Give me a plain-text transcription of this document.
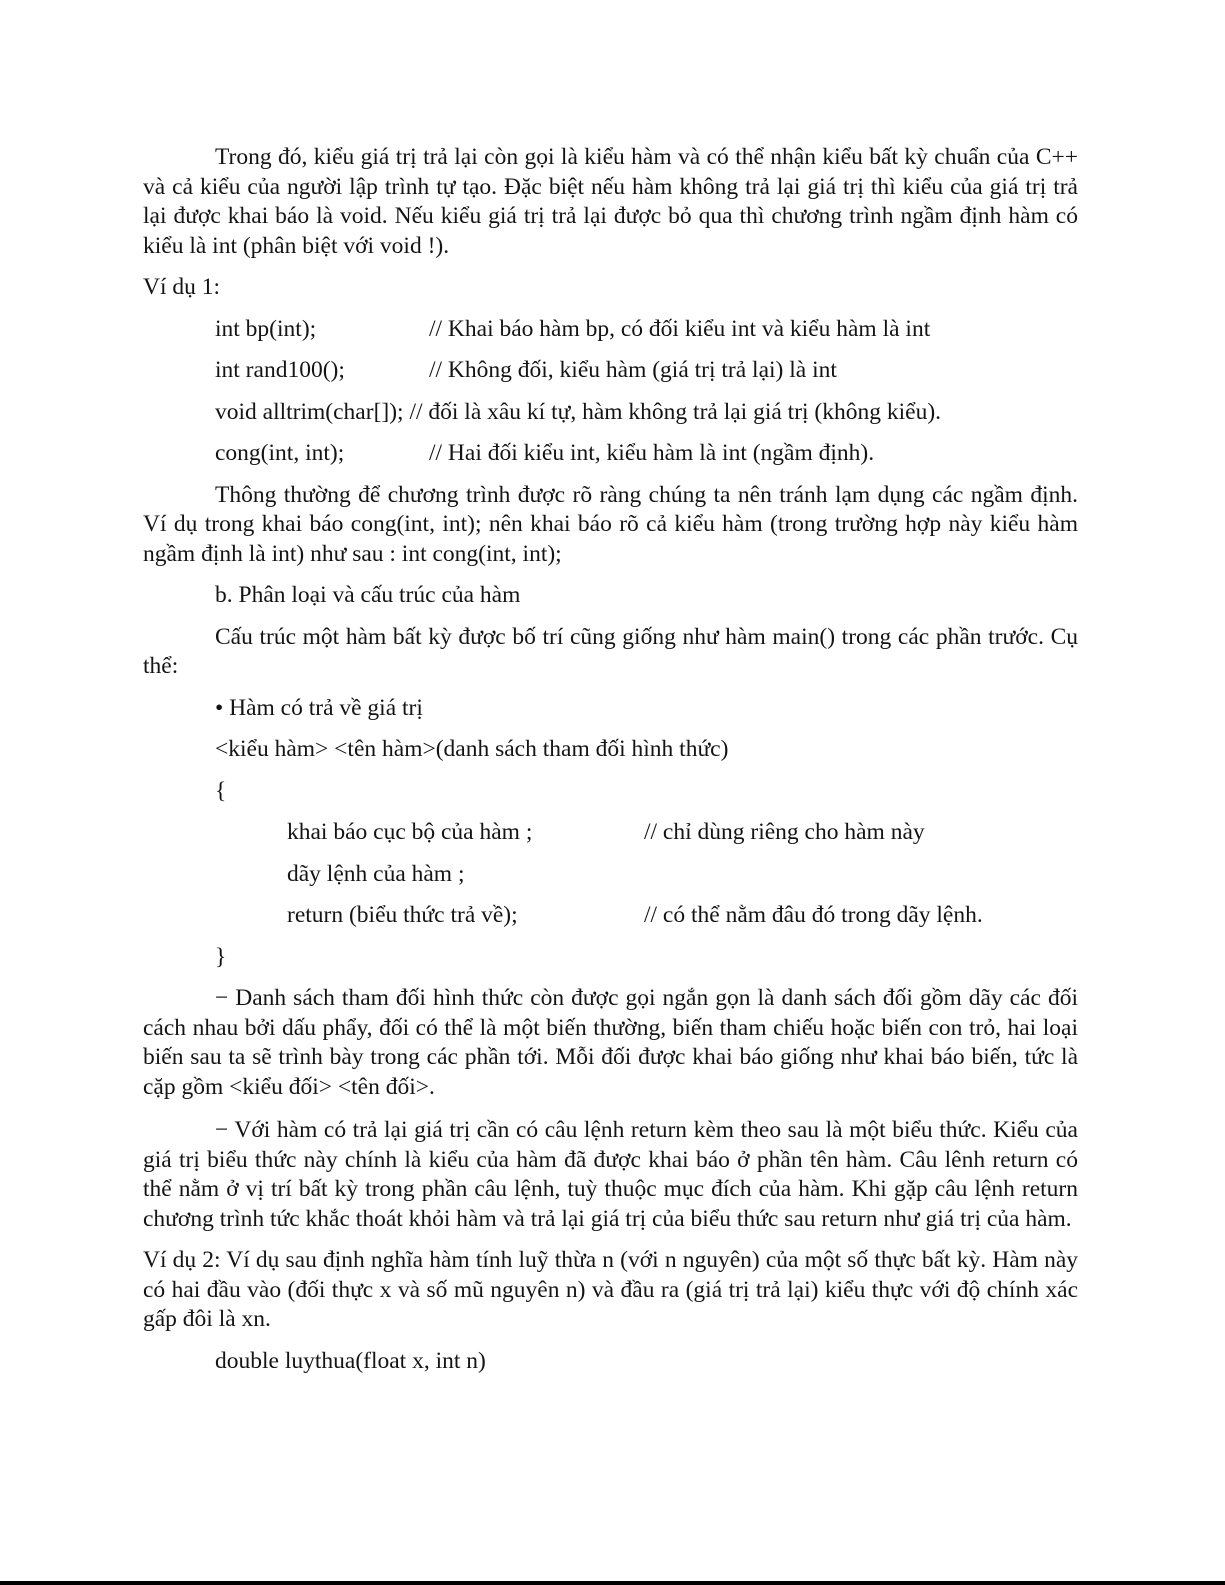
Trong đó, kiểu giá trị trả lại còn gọi là kiểu hàm và có thể nhận kiểu bất kỳ chuẩn của C++ và cả kiểu của người lập trình tự tạo. Đặc biệt nếu hàm không trả lại giá trị thì kiểu của giá trị trả lại được khai báo là void. Nếu kiểu giá trị trả lại được bỏ qua thì chương trình ngầm định hàm có kiểu là int (phân biệt với void !).

Ví dụ 1:

int bp(int);	// Khai báo hàm bp, có đối kiểu int và kiểu hàm là int
int rand100();	// Không đối, kiểu hàm (giá trị trả lại) là int
void alltrim(char[]); // đối là xâu kí tự, hàm không trả lại giá trị (không kiểu).
cong(int, int);	// Hai đối kiểu int, kiểu hàm là int (ngầm định).

Thông thường để chương trình được rõ ràng chúng ta nên tránh lạm dụng các ngầm định. Ví dụ trong khai báo cong(int, int); nên khai báo rõ cả kiểu hàm (trong trường hợp này kiểu hàm ngầm định là int) như sau : int cong(int, int);

b. Phân loại và cấu trúc của hàm

Cấu trúc một hàm bất kỳ được bố trí cũng giống như hàm main() trong các phần trước. Cụ thể:

• Hàm có trả về giá trị

<kiểu hàm> <tên hàm>(danh sách tham đối hình thức)

{

khai báo cục bộ của hàm ;	// chỉ dùng riêng cho hàm này
dãy lệnh của hàm ;
return (biểu thức trả về);	// có thể nằm đâu đó trong dãy lệnh.

}

− Danh sách tham đối hình thức còn được gọi ngắn gọn là danh sách đối gồm dãy các đối cách nhau bởi dấu phẩy, đối có thể là một biến thường, biến tham chiếu hoặc biến con trỏ, hai loại biến sau ta sẽ trình bày trong các phần tới. Mỗi đối được khai báo giống như khai báo biến, tức là cặp gồm <kiểu đối> <tên đối>.

− Với hàm có trả lại giá trị cần có câu lệnh return kèm theo sau là một biểu thức. Kiểu của giá trị biểu thức này chính là kiểu của hàm đã được khai báo ở phần tên hàm. Câu lênh return có thể nằm ở vị trí bất kỳ trong phần câu lệnh, tuỳ thuộc mục đích của hàm. Khi gặp câu lệnh return chương trình tức khắc thoát khỏi hàm và trả lại giá trị của biểu thức sau return như giá trị của hàm.

Ví dụ 2: Ví dụ sau định nghĩa hàm tính luỹ thừa n (với n nguyên) của một số thực bất kỳ. Hàm này có hai đầu vào (đối thực x và số mũ nguyên n) và đầu ra (giá trị trả lại) kiểu thực với độ chính xác gấp đôi là xn.

double luythua(float x, int n)
